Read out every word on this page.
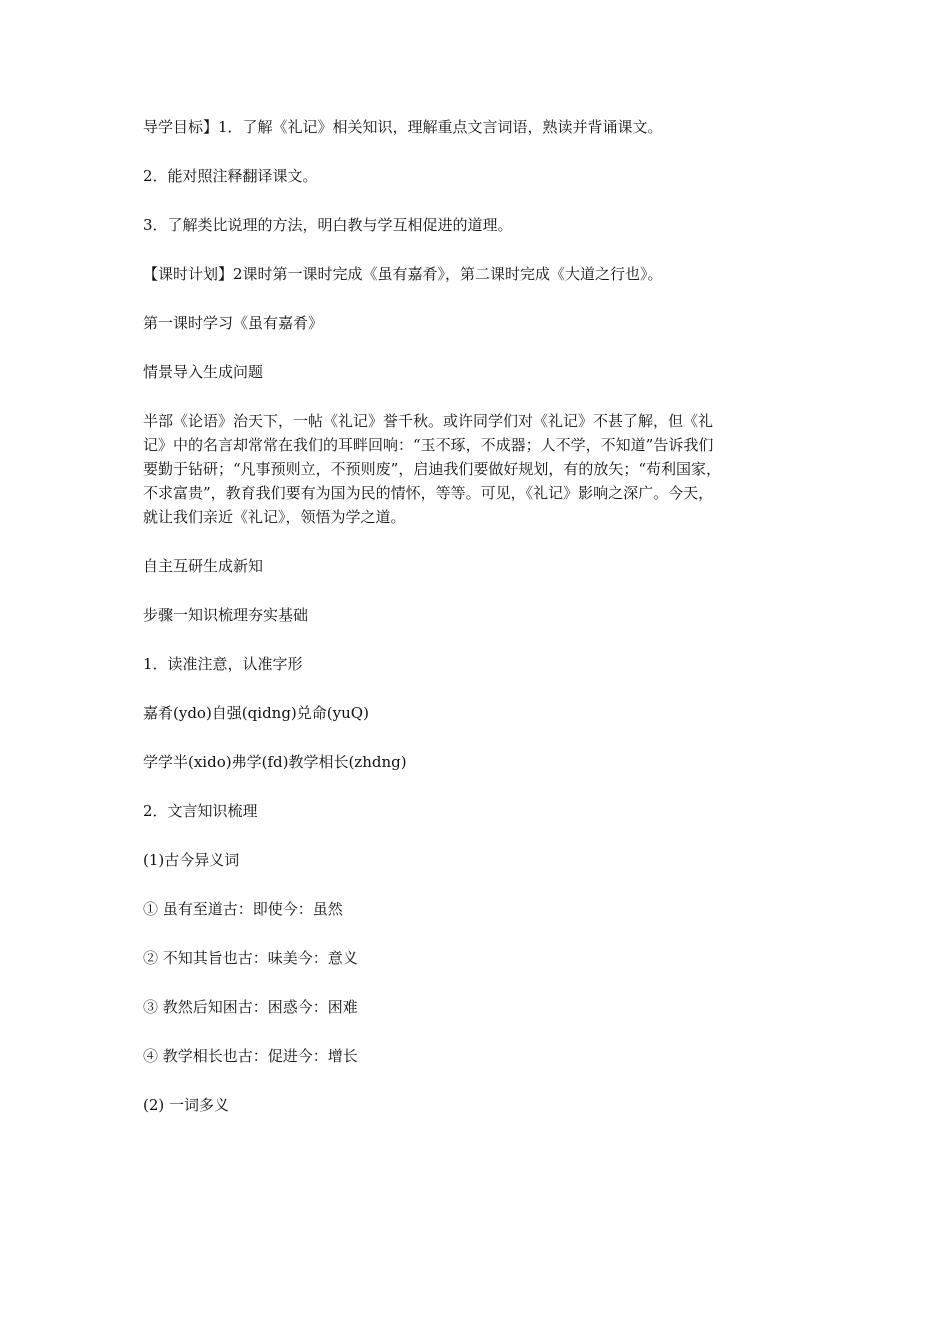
导学目标】1．了解《礼记》相关知识，理解重点文言词语，熟读并背诵课文。
2．能对照注释翻译课文。
3．了解类比说理的方法，明白教与学互相促进的道理。
【课时计划】2课时第一课时完成《虽有嘉肴》，第二课时完成《大道之行也》。
第一课时学习《虽有嘉肴》
情景导入生成问题
半部《论语》治天下，一帖《礼记》誉千秋。或许同学们对《礼记》不甚了解，但《礼
记》中的名言却常常在我们的耳畔回响：“玉不琢，不成器；人不学，不知道”告诉我们
要勤于钻研；“凡事预则立，不预则废”，启迪我们要做好规划，有的放矢；“苟利国家，
不求富贵”，教育我们要有为国为民的情怀，等等。可见，《礼记》影响之深广。今天，
就让我们亲近《礼记》，领悟为学之道。
自主互研生成新知
步骤一知识梳理夯实基础
1．读准注意，认准字形
嘉肴(ydo)自强(qidng)兑命(yuQ)
学学半(xido)弗学(fd)教学相长(zhdng)
2．文言知识梳理
(1)古今异义词
① 虽有至道古：即使今：虽然
② 不知其旨也古：味美今：意义
③ 教然后知困古：困惑今：困难
④ 教学相长也古：促进今：增长
(2) 一词多义
